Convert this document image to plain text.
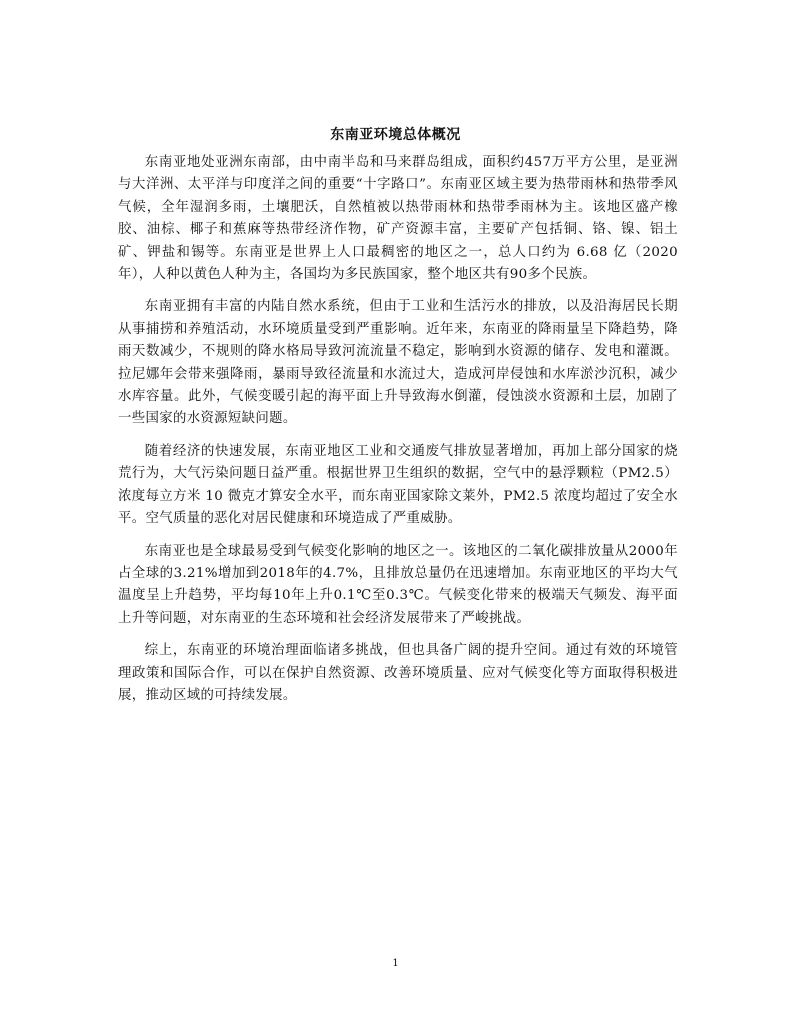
东南亚环境总体概况

东南亚地处亚洲东南部，由中南半岛和马来群岛组成，面积约457万平方公里，是亚洲与大洋洲、太平洋与印度洋之间的重要“十字路口”。东南亚区域主要为热带雨林和热带季风气候，全年湿润多雨，土壤肥沃，自然植被以热带雨林和热带季雨林为主。该地区盛产橡胶、油棕、椰子和蕉麻等热带经济作物，矿产资源丰富，主要矿产包括铜、铬、镍、铝土矿、钾盐和锡等。东南亚是世界上人口最稠密的地区之一，总人口约为 6.68 亿（2020 年），人种以黄色人种为主，各国均为多民族国家，整个地区共有90多个民族。

东南亚拥有丰富的内陆自然水系统，但由于工业和生活污水的排放，以及沿海居民长期从事捕捞和养殖活动，水环境质量受到严重影响。近年来，东南亚的降雨量呈下降趋势，降雨天数减少，不规则的降水格局导致河流流量不稳定，影响到水资源的储存、发电和灌溉。拉尼娜年会带来强降雨，暴雨导致径流量和水流过大，造成河岸侵蚀和水库淤沙沉积，减少水库容量。此外，气候变暖引起的海平面上升导致海水倒灌，侵蚀淡水资源和土层，加剧了一些国家的水资源短缺问题。

随着经济的快速发展，东南亚地区工业和交通废气排放显著增加，再加上部分国家的烧荒行为，大气污染问题日益严重。根据世界卫生组织的数据，空气中的悬浮颗粒（PM2.5）浓度每立方米 10 微克才算安全水平，而东南亚国家除文莱外，PM2.5 浓度均超过了安全水平。空气质量的恶化对居民健康和环境造成了严重威胁。

东南亚也是全球最易受到气候变化影响的地区之一。该地区的二氧化碳排放量从2000年占全球的3.21%增加到2018年的4.7%，且排放总量仍在迅速增加。东南亚地区的平均大气温度呈上升趋势，平均每10年上升0.1℃至0.3℃。气候变化带来的极端天气频发、海平面上升等问题，对东南亚的生态环境和社会经济发展带来了严峻挑战。

综上，东南亚的环境治理面临诸多挑战，但也具备广阔的提升空间。通过有效的环境管理政策和国际合作，可以在保护自然资源、改善环境质量、应对气候变化等方面取得积极进展，推动区域的可持续发展。

1
